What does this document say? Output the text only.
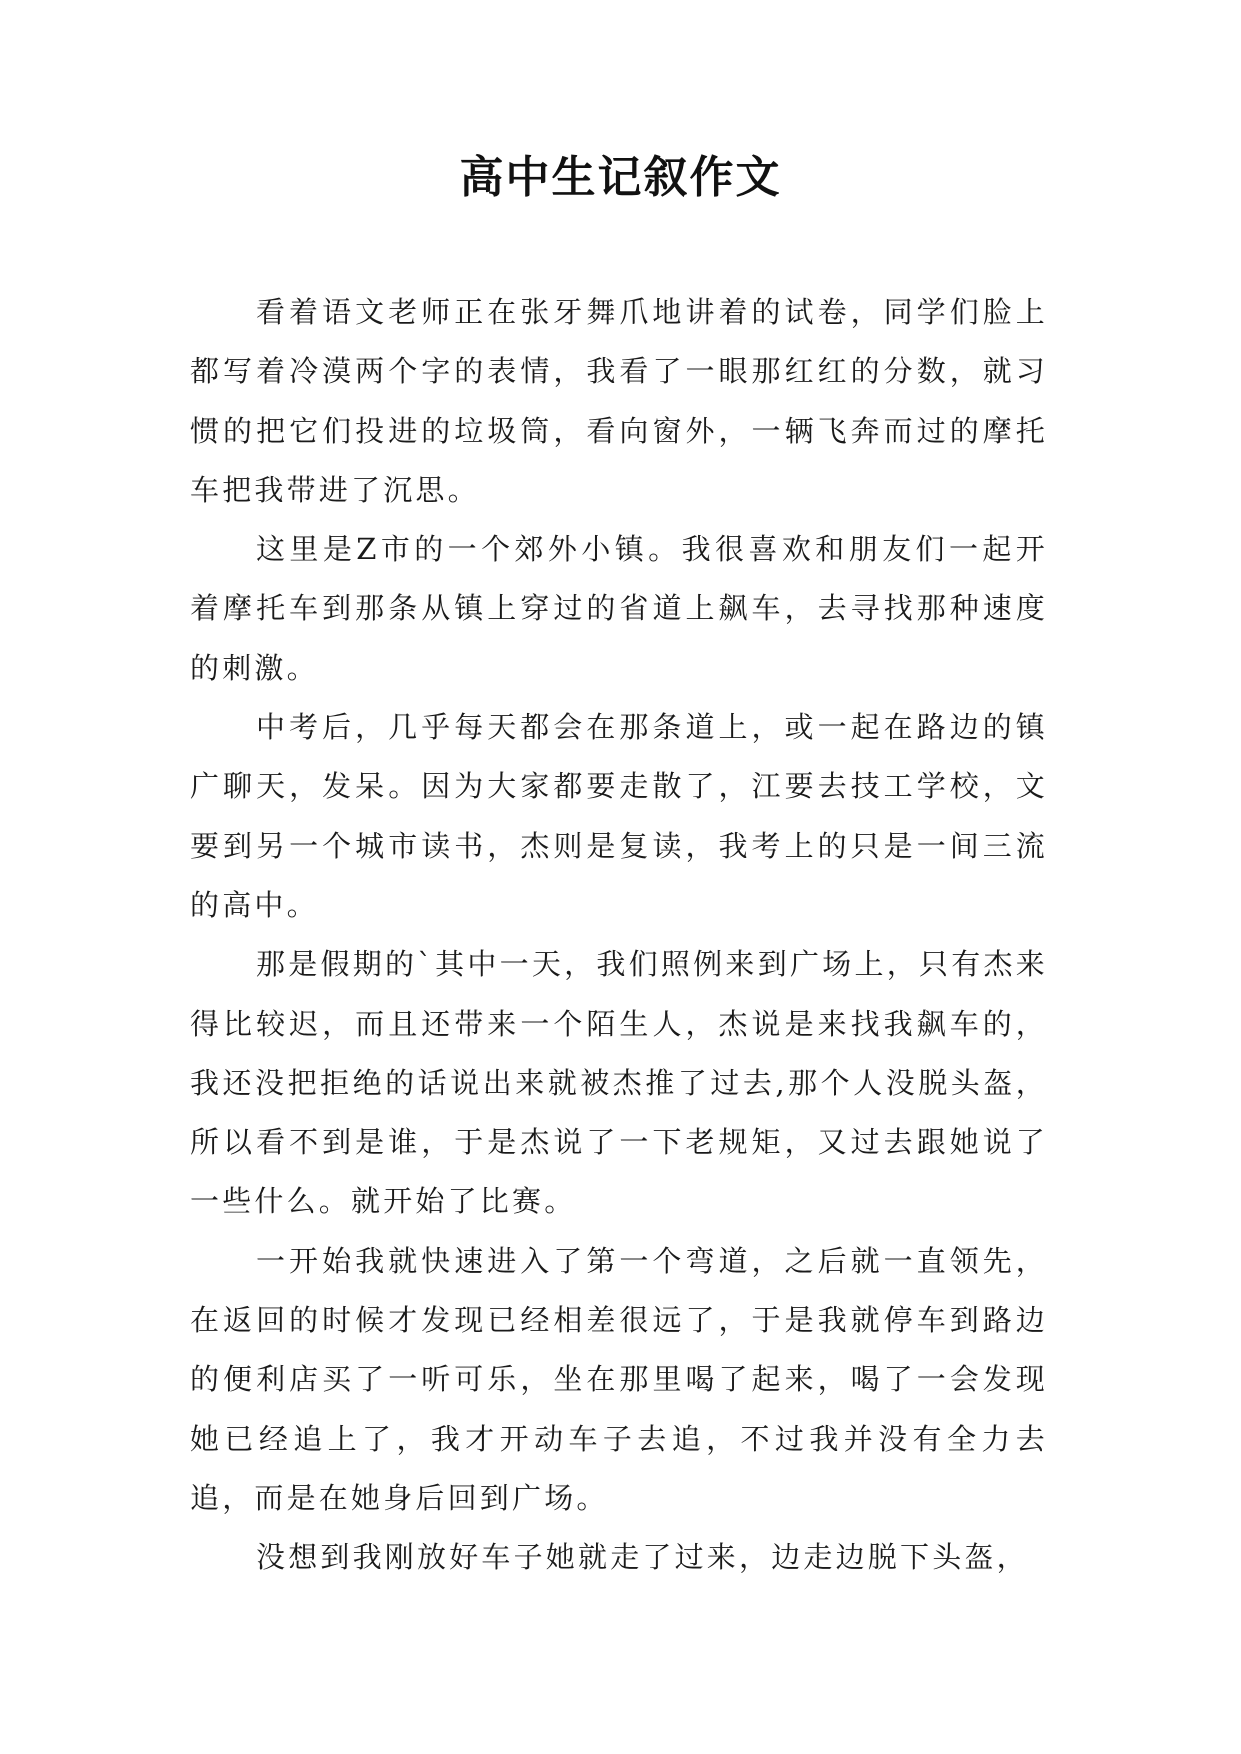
高中生记叙作文

看着语文老师正在张牙舞爪地讲着的试卷，同学们脸上都写着冷漠两个字的表情，我看了一眼那红红的分数，就习惯的把它们投进的垃圾筒，看向窗外，一辆飞奔而过的摩托车把我带进了沉思。

这里是Z市的一个郊外小镇。我很喜欢和朋友们一起开着摩托车到那条从镇上穿过的省道上飙车，去寻找那种速度的刺激。

中考后，几乎每天都会在那条道上，或一起在路边的镇广聊天，发呆。因为大家都要走散了，江要去技工学校，文要到另一个城市读书，杰则是复读，我考上的只是一间三流的高中。

那是假期的`其中一天，我们照例来到广场上，只有杰来得比较迟，而且还带来一个陌生人，杰说是来找我飙车的，我还没把拒绝的话说出来就被杰推了过去,那个人没脱头盔，所以看不到是谁，于是杰说了一下老规矩，又过去跟她说了一些什么。就开始了比赛。

一开始我就快速进入了第一个弯道，之后就一直领先，在返回的时候才发现已经相差很远了，于是我就停车到路边的便利店买了一听可乐，坐在那里喝了起来，喝了一会发现她已经追上了，我才开动车子去追，不过我并没有全力去追，而是在她身后回到广场。

没想到我刚放好车子她就走了过来，边走边脱下头盔，
